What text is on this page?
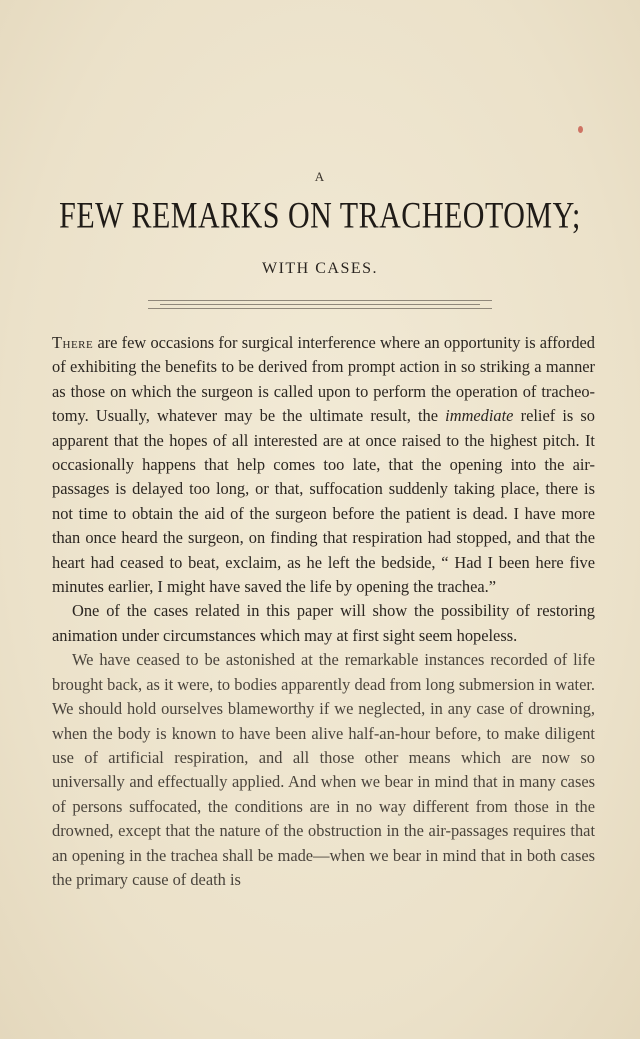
A
FEW REMARKS ON TRACHEOTOMY;
WITH CASES.

There are few occasions for surgical interference where an opportunity is afforded of exhibiting the benefits to be derived from prompt action in so striking a manner as those on which the surgeon is called upon to perform the operation of tracheo-tomy. Usually, whatever may be the ultimate result, the immediate relief is so apparent that the hopes of all interested are at once raised to the highest pitch. It occasionally happens that help comes too late, that the opening into the air-passages is delayed too long, or that, suffocation suddenly taking place, there is not time to obtain the aid of the surgeon before the patient is dead. I have more than once heard the surgeon, on finding that respiration had stopped, and that the heart had ceased to beat, exclaim, as he left the bedside, “ Had I been here five minutes earlier, I might have saved the life by opening the trachea.”

One of the cases related in this paper will show the possibility of restoring animation under circumstances which may at first sight seem hopeless.

We have ceased to be astonished at the remarkable instances recorded of life brought back, as it were, to bodies apparently dead from long submersion in water. We should hold ourselves blameworthy if we neglected, in any case of drowning, when the body is known to have been alive half-an-hour before, to make diligent use of artificial respiration, and all those other means which are now so universally and effectually applied. And when we bear in mind that in many cases of persons suffocated, the conditions are in no way different from those in the drowned, except that the nature of the obstruction in the air-passages requires that an opening in the trachea shall be made—when we bear in mind that in both cases the primary cause of death is
